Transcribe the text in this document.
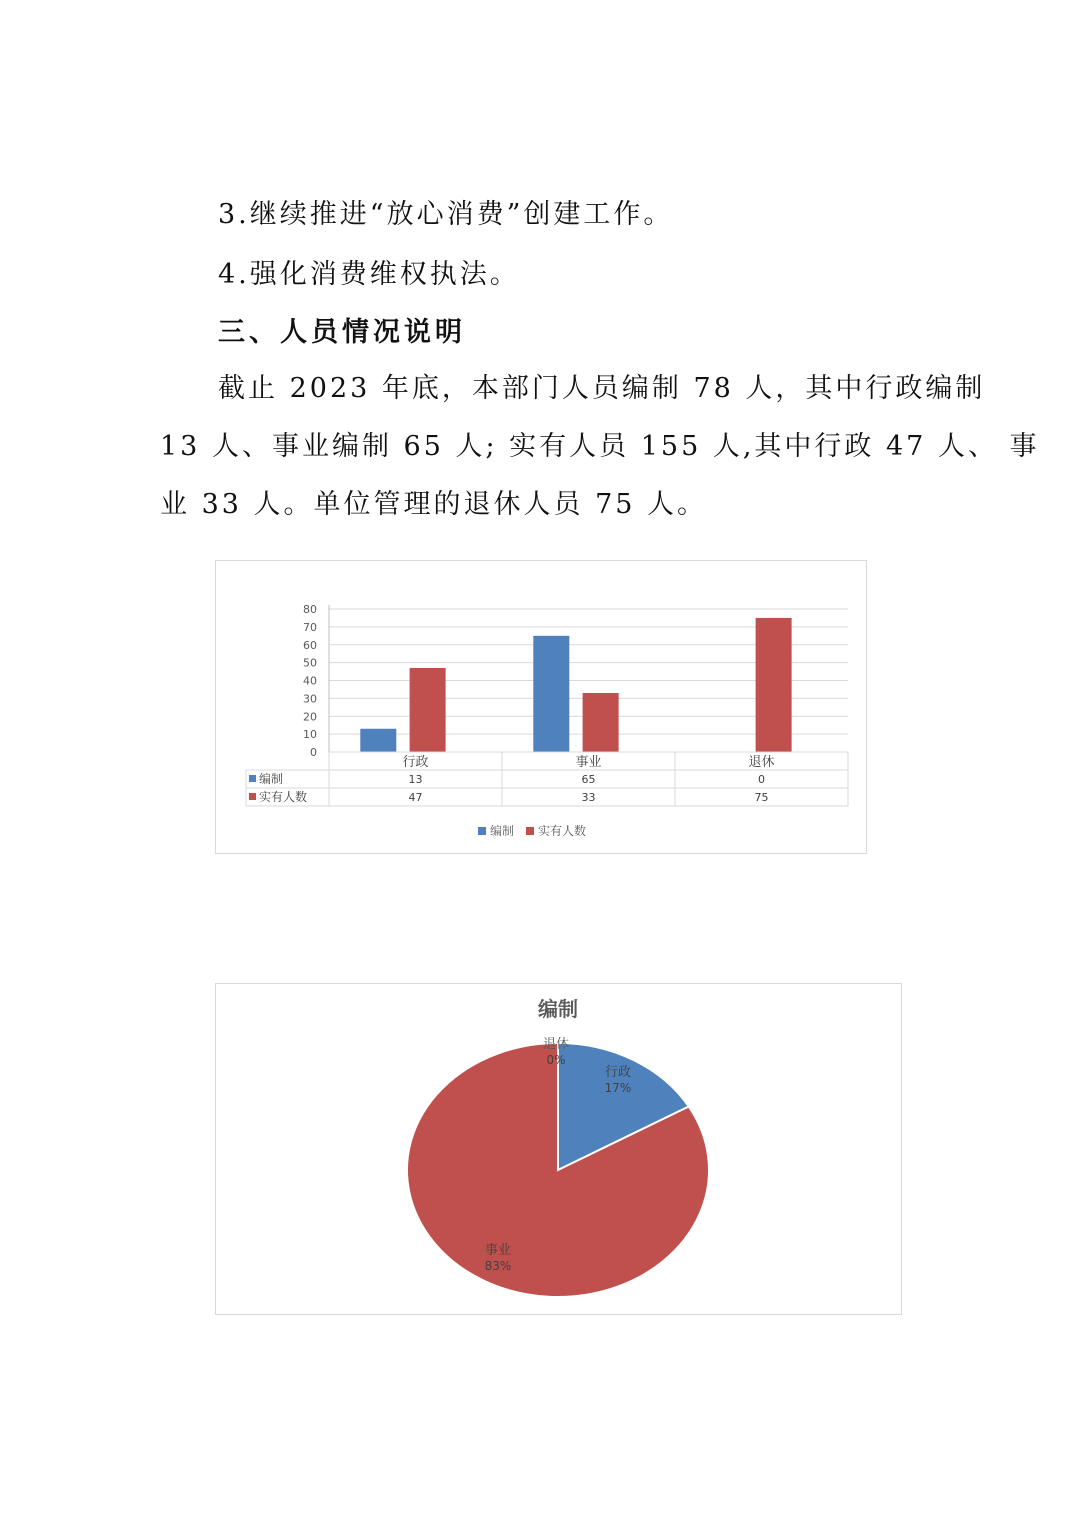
3.继续推进“放心消费”创建工作。
4.强化消费维权执法。
三、人员情况说明
截止 2023 年底，本部门人员编制 78 人，其中行政编制
13 人、事业编制 65 人; 实有人员 155 人,其中行政 47 人、 事
业 33 人。单位管理的退休人员 75 人。
0
10
20
30
40
50
60
70
80
行政	事业	退休
编制	13	65	0
实有人数	47	33	75
编制 实有人数
编制
行政
17%
事业
83%
退休
0%
